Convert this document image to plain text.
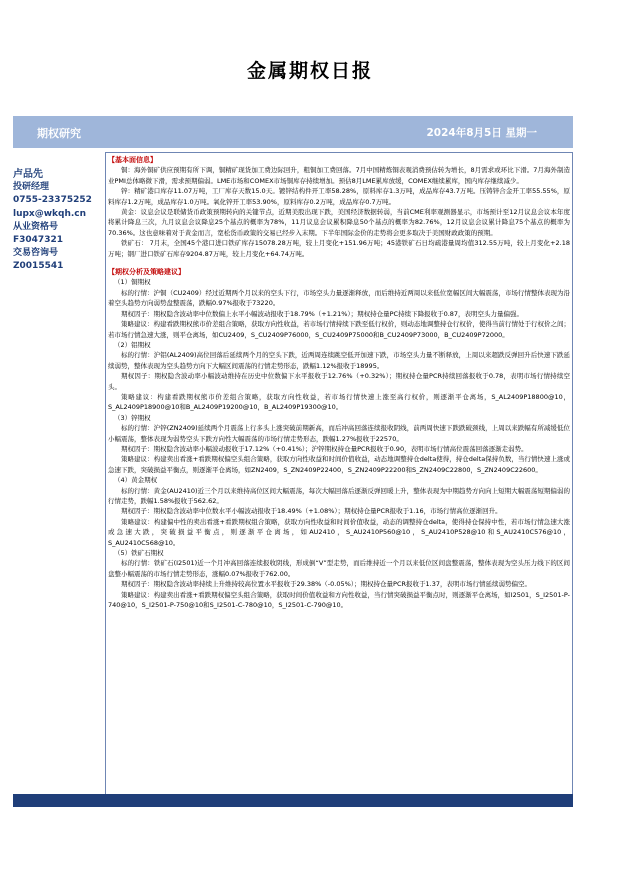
金属期权日报
期权研究	2024年8月5日 星期一
卢品先
投研经理
0755-23375252
lupx@wkqh.cn
从业资格号
F3047321
交易咨询号
Z0015541

【基本面信息】

铜：海外铜矿供应预期有所下调，铜精矿现货加工费边际回升，粗铜加工费回落。7月中国精炼铜表观消费预估转为增长，8月需求或环比下滑。7月海外制造业PMI总体略微下滑，需求预期偏弱。LME市场和COMEX市场铜库存持续增加。预估8月LME累库放缓，COMEX继续累库，国内库存继续减少。

锌：精矿港口库存11.07万吨，工厂库存天数15.0天。镀锌结构件开工率58.28%，原料库存1.3万吨，成品库存43.7万吨。压铸锌合金开工率55.55%，原料库存1.2万吨，成品库存1.0万吨。氧化锌开工率53.90%，原料库存0.2万吨，成品库存0.7万吨。

黄金：议息会议是联储货币政策预期转向的关键节点，近期美股出现下跌，美国经济数据转弱，当前CME利率观测器显示，市场预计至12月议息会议本年度将累计降息三次，九月议息会议降息25个基点的概率为78%，11月议息会议累积降息50个基点的概率为82.76%，12月议息会议累计降息75个基点的概率为70.36%。这也意味着对于黄金而言，宽松货币政策的交易已经步入末期。下半年国际金价的走势将会更多取决于美国财政政策的预期。

铁矿石： 7月末，全国45个港口进口铁矿库存15078.28万吨，较上月变化+151.96万吨；45港铁矿石日均疏港量周均值312.55万吨，较上月变化+2.18万吨；钢厂进口铁矿石库存9204.87万吨，较上月变化+64.74万吨。

【期权分析及策略建议】

（1）铜期权

标的行情：沪铜（CU2409）经过近期两个月以来的空头下行，市场空头力量逐渐释放，而后维持近两周以来低位宽幅区间大幅震荡，市场行情整体表现为沿着空头趋势方向弱势盘整震荡，跌幅0.97%报收于73220。

期权因子：期权隐含波动率中位数偏上水平小幅波动报收于18.79%（+1.21%）；期权持仓量PC持续下降报收于0.87，表明空头力量偏强。

策略建议：构建看跌期权熊市价差组合策略，获取方向性收益，若市场行情持续下跌至低行权价，则动态地调整持仓行权价，使得当前行情处于行权价之间；若市场行情急速大涨，则平仓离场，如CU2409，S_CU2409P76000，S_CU2409P75000和B_CU2409P73000，B_CU2409P72000。

（2）铝期权

标的行情：沪铝(AL2409)高位回落后延续两个月的空头下跌，近两周连续跳空低开加速下跌，市场空头力量不断释放，上周以来超跌反弹回升后快速下跌延续弱势，整体表现为空头趋势方向下大幅区间震荡的行情走势形态，跌幅1.12%报收于18995。

期权因子：期权隐含波动率小幅波动维持在历史中位数偏下水平报收于12.76%（+0.32%）；期权持仓量PCR持续回落报收于0.78，表明市场行情持续空头。

策略建议：构建看跌期权熊市价差组合策略，获取方向性收益，若市场行情快速上涨至高行权价，则逐渐平仓离场，S_AL2409P18800@10，S_AL2409P18900@10和B_AL2409P19200@10，B_AL2409P19300@10。

（3）锌期权

标的行情：沪锌(ZN2409)延续两个月震荡上行多头上涨突破前期新高，而后冲高回落连续报收阴线，前两周快速下跌跌破颈线，上周以来跌幅有所减缓低位小幅震荡，整体表现为弱势空头下跌方向性大幅震荡的市场行情走势形态，跌幅1.27%报收于22570。

期权因子：期权隐含波动率小幅波动报收于17.12%（+0.41%）；沪锌期权持仓量PCR报收于0.90，表明市场行情高位震荡回落逐渐走弱势。

策略建议：构建卖出看涨+看跌期权偏空头组合策略，获取方向性收益和时间价值收益，动态地调整持仓delta使得，持仓delta保持负数，当行情快速上涨或急速下跌，突破损益平衡点，则逐渐平仓离场，如ZN2409，S_ZN2409P22400，S_ZN2409P22200和S_ZN2409C22800，S_ZN2409C22600。

（4）黄金期权

标的行情：黄金(AU2410)近三个月以来维持高位区间大幅震荡，每次大幅回落后逐渐反弹回暖上升，整体表现为中期趋势方向向上短期大幅震荡短期偏弱的行情走势，跌幅1.58%报收于562.62。

期权因子：期权隐含波动率中位数水平小幅波动报收于18.49%（+1.08%）；期权持仓量PCR报收于1.16，市场行情高位逐渐回升。

策略建议：构建偏中性的卖出看涨+看跌期权组合策略，获取方向性收益和时间价值收益，动态的调整持仓delta，使得持仓保持中性，若市场行情急速大涨或急速大跌，突破损益平衡点，则逐渐平仓离场，如AU2410，S_AU2410P560@10，S_AU2410P528@10和S_AU2410C576@10，S_AU2410C568@10。

（5）铁矿石期权

标的行情：铁矿石(I2501)近一个月冲高回落连续报收阴线，形成倒“V”型走势，而后维持近一个月以来低位区间盘整震荡，整体表现为空头压力线下的区间盘整小幅震荡的市场行情走势形态，涨幅0.07%报收于762.00。

期权因子：期权隐含波动率持续上升维持较高位置水平报收于29.38%（-0.05%）；期权持仓量PCR报收于1.37，表明市场行情延续弱势偏空。

策略建议：构建卖出看涨+看跌期权偏空头组合策略，获取时间价值收益和方向性收益，当行情突破损益平衡点时，则逐渐平仓离场，如I2501，S_I2501-P-740@10，S_I2501-P-750@10和S_I2501-C-780@10，S_I2501-C-790@10。
